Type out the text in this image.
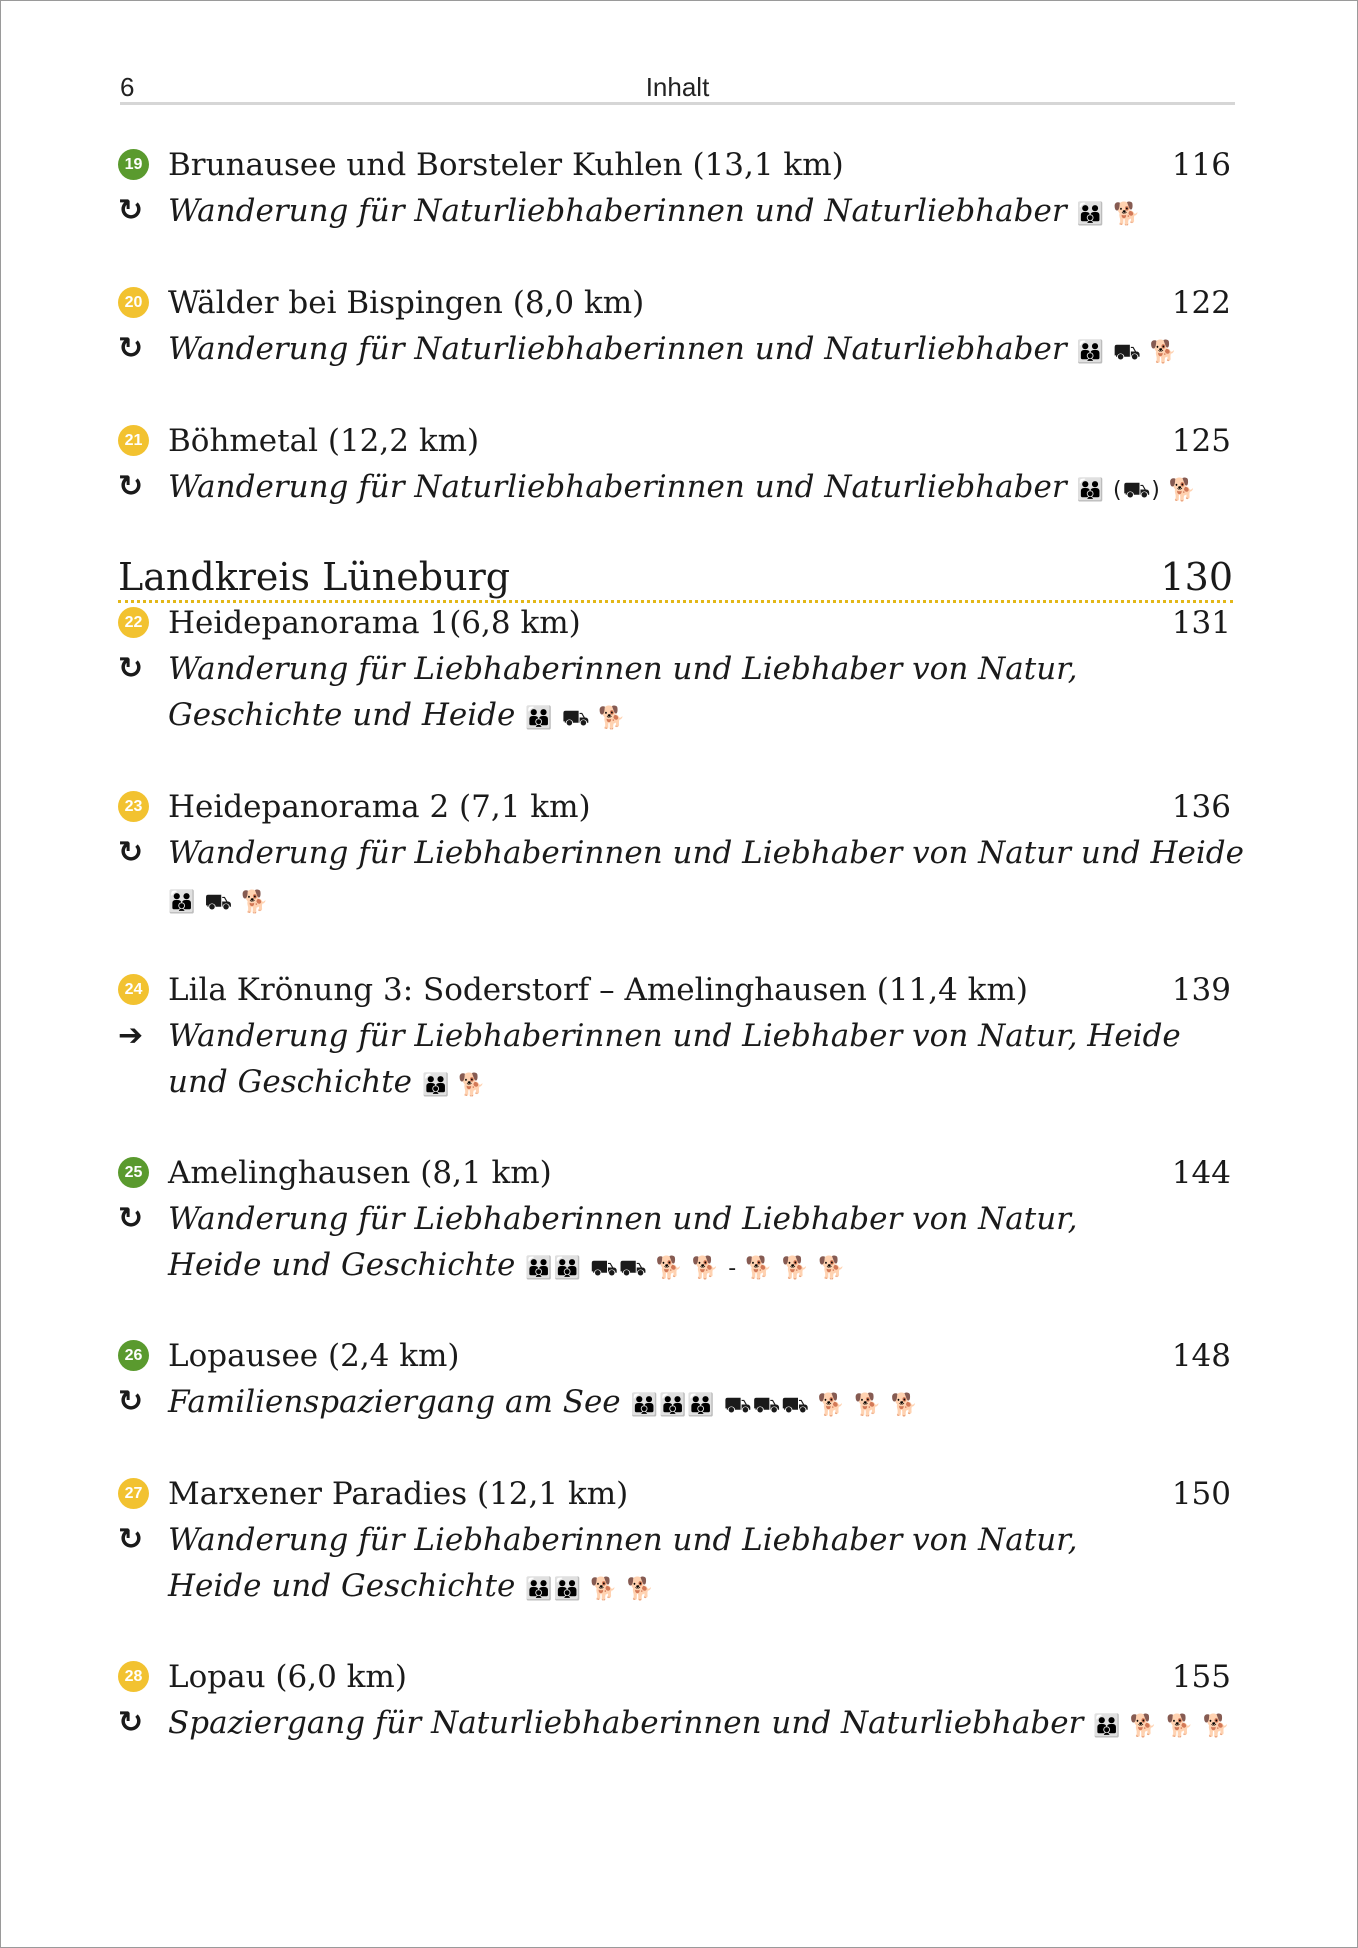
6	Inhalt
19 Brunausee und Borsteler Kuhlen (13,1 km)	116
↻ Wanderung für Naturliebhaberinnen und Naturliebhaber 👪 🐕
20 Wälder bei Bispingen (8,0 km)	122
↻ Wanderung für Naturliebhaberinnen und Naturliebhaber 👪 ⛟ 🐕
21 Böhmetal (12,2 km)	125
↻ Wanderung für Naturliebhaberinnen und Naturliebhaber 👪 (⛟) 🐕
Landkreis Lüneburg	130
22 Heidepanorama 1(6,8 km)	131
↻ Wanderung für Liebhaberinnen und Liebhaber von Natur,
Geschichte und Heide 👪 ⛟ 🐕
23 Heidepanorama 2 (7,1 km)	136
↻ Wanderung für Liebhaberinnen und Liebhaber von Natur und Heide
👪 ⛟ 🐕
24 Lila Krönung 3: Soderstorf – Amelinghausen (11,4 km)	139
➔ Wanderung für Liebhaberinnen und Liebhaber von Natur, Heide
und Geschichte 👪 🐕
25 Amelinghausen (8,1 km)	144
↻ Wanderung für Liebhaberinnen und Liebhaber von Natur,
Heide und Geschichte 👪👪 ⛟⛟ 🐕 🐕 - 🐕 🐕 🐕
26 Lopausee (2,4 km)	148
↻ Familienspaziergang am See 👪👪👪 ⛟⛟⛟ 🐕 🐕 🐕
27 Marxener Paradies (12,1 km)	150
↻ Wanderung für Liebhaberinnen und Liebhaber von Natur,
Heide und Geschichte 👪👪 🐕 🐕
28 Lopau (6,0 km)	155
↻ Spaziergang für Naturliebhaberinnen und Naturliebhaber 👪 🐕 🐕 🐕
